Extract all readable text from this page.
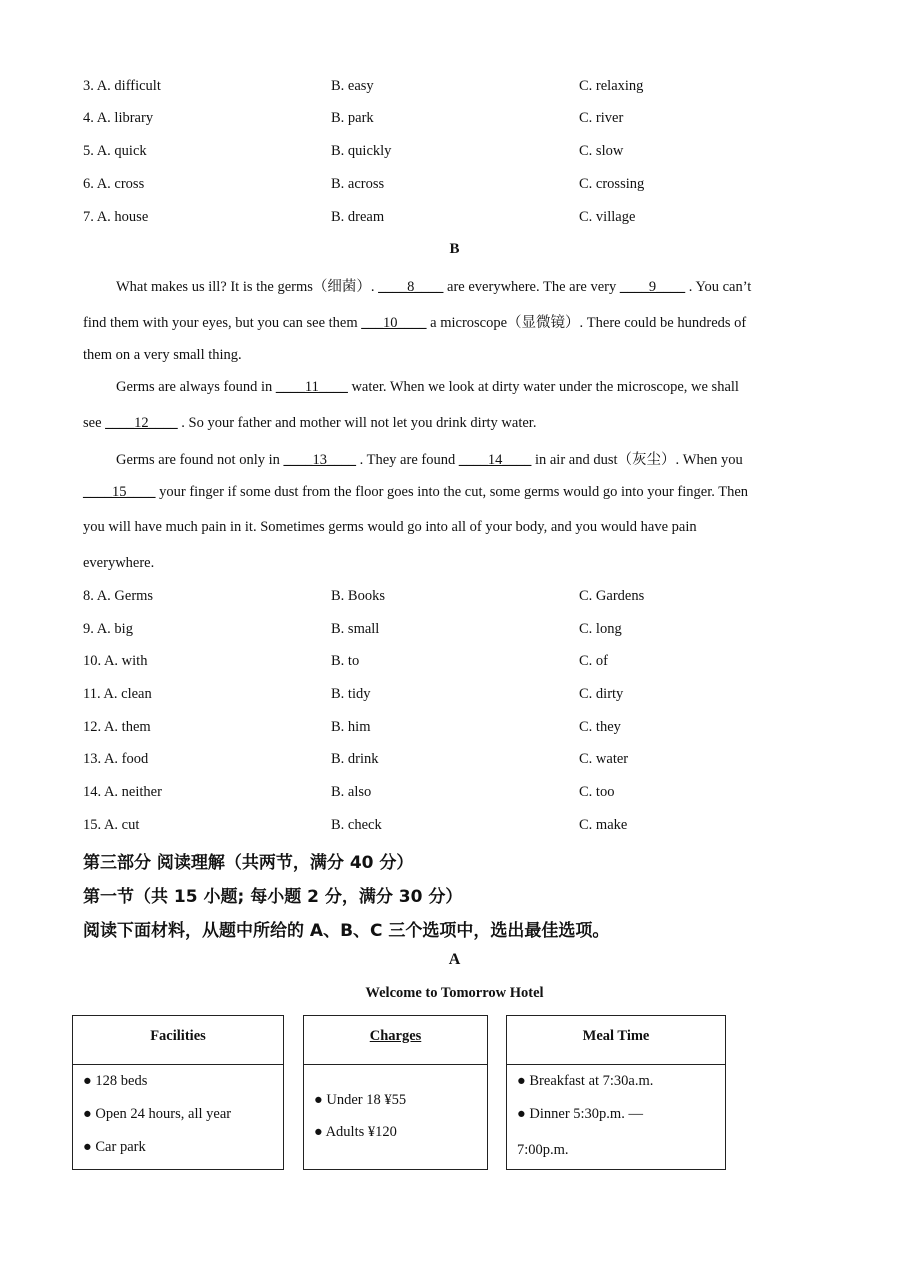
3. A. difficult	B. easy	C. relaxing
4. A. library	B. park	C. river
5. A. quick	B. quickly	C. slow
6. A. cross	B. across	C. crossing
7. A. house	B. dream	C. village
B
What makes us ill? It is the germs（细菌）. ____8____ are everywhere. The are very ____9____ . You can’t
find them with your eyes, but you can see them ___10____ a microscope（显微镜）. There could be hundreds of
them on a very small thing.
Germs are always found in ____11____ water. When we look at dirty water under the microscope, we shall
see ____12____ . So your father and mother will not let you drink dirty water.
Germs are found not only in ____13____ . They are found ____14____ in air and dust（灰尘）. When you
____15____ your finger if some dust from the floor goes into the cut, some germs would go into your finger. Then
you will have much pain in it. Sometimes germs would go into all of your body, and you would have pain
everywhere.
8. A. Germs	B. Books	C. Gardens
9. A. big	B. small	C. long
10. A. with	B. to	C. of
11. A. clean	B. tidy	C. dirty
12. A. them	B. him	C. they
13. A. food	B. drink	C. water
14. A. neither	B. also	C. too
15. A. cut	B. check	C. make
第三部分 阅读理解（共两节，满分 40 分）
第一节（共 15 小题; 每小题 2 分，满分 30 分）
阅读下面材料，从题中所给的 A、B、C 三个选项中，选出最佳选项。
A
Welcome to Tomorrow Hotel
Facilities

● 128 beds
● Open 24 hours, all year
● Car park
Charges

● Under 18 ¥55
● Adults ¥120
Meal Time

● Breakfast at 7:30a.m.
● Dinner 5:30p.m. —
7:00p.m.
